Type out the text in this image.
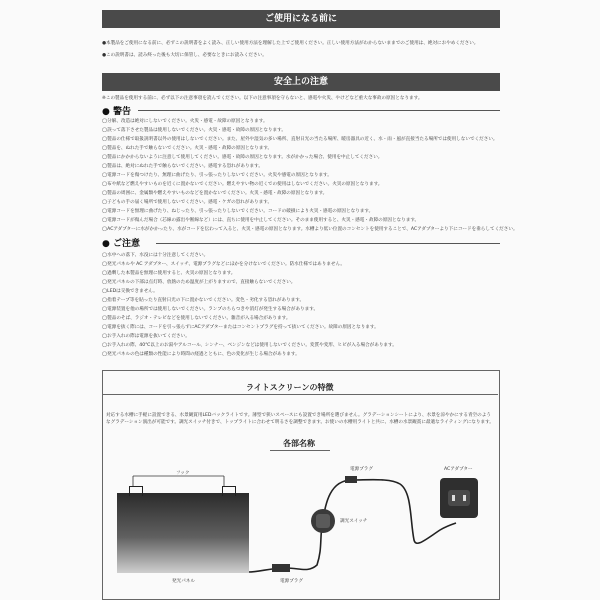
ご使用になる前に
●本製品をご使用になる前に、必ずこの説明書をよく読み、正しい使用方法を理解した上でご使用ください。正しい使用方法がわからないままでのご使用は、絶対におやめください。
●この説明書は、読み終った後も大切に保管し、必要なときにお読みください。
安全上の注意
※この製品を使用する前に、必ず以下の注意事項を読んでください。以下の注意事項を守らないと、感電や火災、やけどなど重大な事故の原因となります。
● 警告
◯分解、改造は絶対にしないでください。火災・感電・故障の原因となります。
◯誤って落下させた製品は使用しないでください。火災・感電・故障の原因となります。
◯製品の仕様で取扱説明書以外の使用はしないでください。また、屋外や湿気の多い場所、直射日光の当たる場所、暖房器具の近く、水・雨・風が直接当たる場所では使用しないでください。
◯製品を、ぬれた手で触らないでください。火災・感電・故障の原因となります。
◯製品にかかからないように注意して使用してください。感電・故障の原因となります。水がかかった場合、使用を中止してください。
◯製品は、絶対にぬれた手で触らないでください。感電する恐れがあります。
◯電源コードを傷つけたり、無理に曲げたり、引っ張ったりしないでください。火災や感電の原因となります。
◯布や紙など燃えやすいものを近くに置かないでください。燃えやすい物の近くでの使用はしないでください。火災の原因となります。
◯製品の周囲に、金属類や燃えやすいものなどを置かないでください。火災・感電・故障の原因となります。
◯子どもの手の届く場所で使用しないでください。感電・ケガの恐れがあります。
◯電源コードを無理に曲げたり、ねじったり、引っ張ったりしないでください。コードの破損により火災・感電の原因となります。
◯電源コードが傷んだ場合（芯線の露出や断線など）には、直ちに使用を中止してください。そのまま使用すると、火災・感電・故障の原因となります。
◯ACアダプターに水がかかったり、水がコードを伝わって入ると、火災・感電の原因となります。水槽より低い位置のコンセントを使用することで、ACアダプターより下にコードを垂らしてください。
● ご注意
◯水中への落下、水没には十分注意してください。
◯発光パネルや AC アダプター、スイッチ、電源プラグなどにほかを分けないでください。防水仕様ではありません。
◯過剰した本製品を無理に使用すると、火災の原因となります。
◯発光パネルの下部は点灯時、放熱のため温度が上がりますので、直接触らないでください。
◯LEDは交換できません。
◯指着テープ等を貼ったり直射日光の下に置かないでください。変色・劣化する恐れがあります。
◯電源装置を他の場所では使用しないでください。ランプのちらつきや消灯が発生する場合があります。
◯製品のそば、ラジオ・テレビなどを使用しないでください。雑音が入る場合があります。
◯電源を抜く際には、コードを引っ張らずにACアダプターまたはコンセントプラグを持って抜いてください。故障の原因となります。
◯お手入れの際は電源を抜いてください。
◯お手入れの際、40℃以上のお湯やアルコール、シンナー、ベンジンなどは使用しないでください。変質や変形、ヒビが入る場合があります。
◯発光パネルの色は種類の性能により時間の経過とともに、色の変化が生じる場合があります。
ライトスクリーンの特徴
対応する水槽に手軽に設置できる、水景観賞用LEDバックライトです。薄型で狭いスペースにも設置でき場所を選びません。グラデーションシートにより、水景を涼やかにする青空のようなグラデーション演出が可能です。調光スイッチ付きで、トップライトに合わせて明るさを調整できます。お使いの水槽用ライトと共に、水槽の水景観賞に最適なライティングになります。
各部名称
フック
電源プラグ	ACアダプター
調光スイッチ
発光パネル	電源プラグ
